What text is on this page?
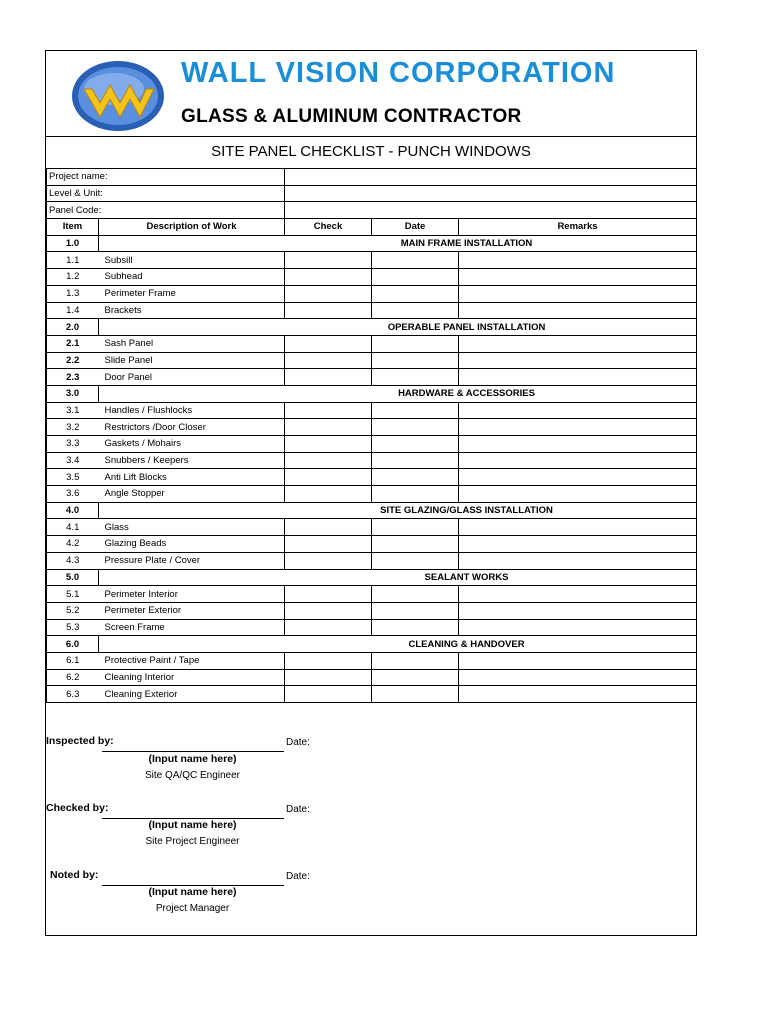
WALL VISION CORPORATION
GLASS & ALUMINUM CONTRACTOR
SITE PANEL CHECKLIST - PUNCH WINDOWS
Project name:				
Level & Unit:				
Panel Code:				
Item	Description of Work	Check	Date	Remarks
1.0	MAIN FRAME INSTALLATION			
1.1	Subsill			
1.2	Subhead			
1.3	Perimeter Frame			
1.4	Brackets			
2.0	OPERABLE PANEL INSTALLATION			
2.1	Sash Panel			
2.2	Slide Panel			
2.3	Door Panel			
3.0	HARDWARE & ACCESSORIES			
3.1	Handles / Flushlocks			
3.2	Restrictors /Door Closer			
3.3	Gaskets / Mohairs			
3.4	Snubbers / Keepers			
3.5	Anti Lift Blocks			
3.6	Angle Stopper			
4.0	SITE GLAZING/GLASS INSTALLATION			
4.1	Glass			
4.2	Glazing Beads			
4.3	Pressure Plate / Cover			
5.0	SEALANT WORKS			
5.1	Perimeter Interior			
5.2	Perimeter Exterior			
5.3	Screen Frame			
6.0	CLEANING & HANDOVER			
6.1	Protective Paint / Tape			
6.2	Cleaning Interior			
6.3	Cleaning Exterior			
Inspected by:	Date:
(Input name here)
Site QA/QC Engineer
Checked by:	Date:
(Input name here)
Site Project Engineer
Noted by:	Date:
(Input name here)
Project Manager
